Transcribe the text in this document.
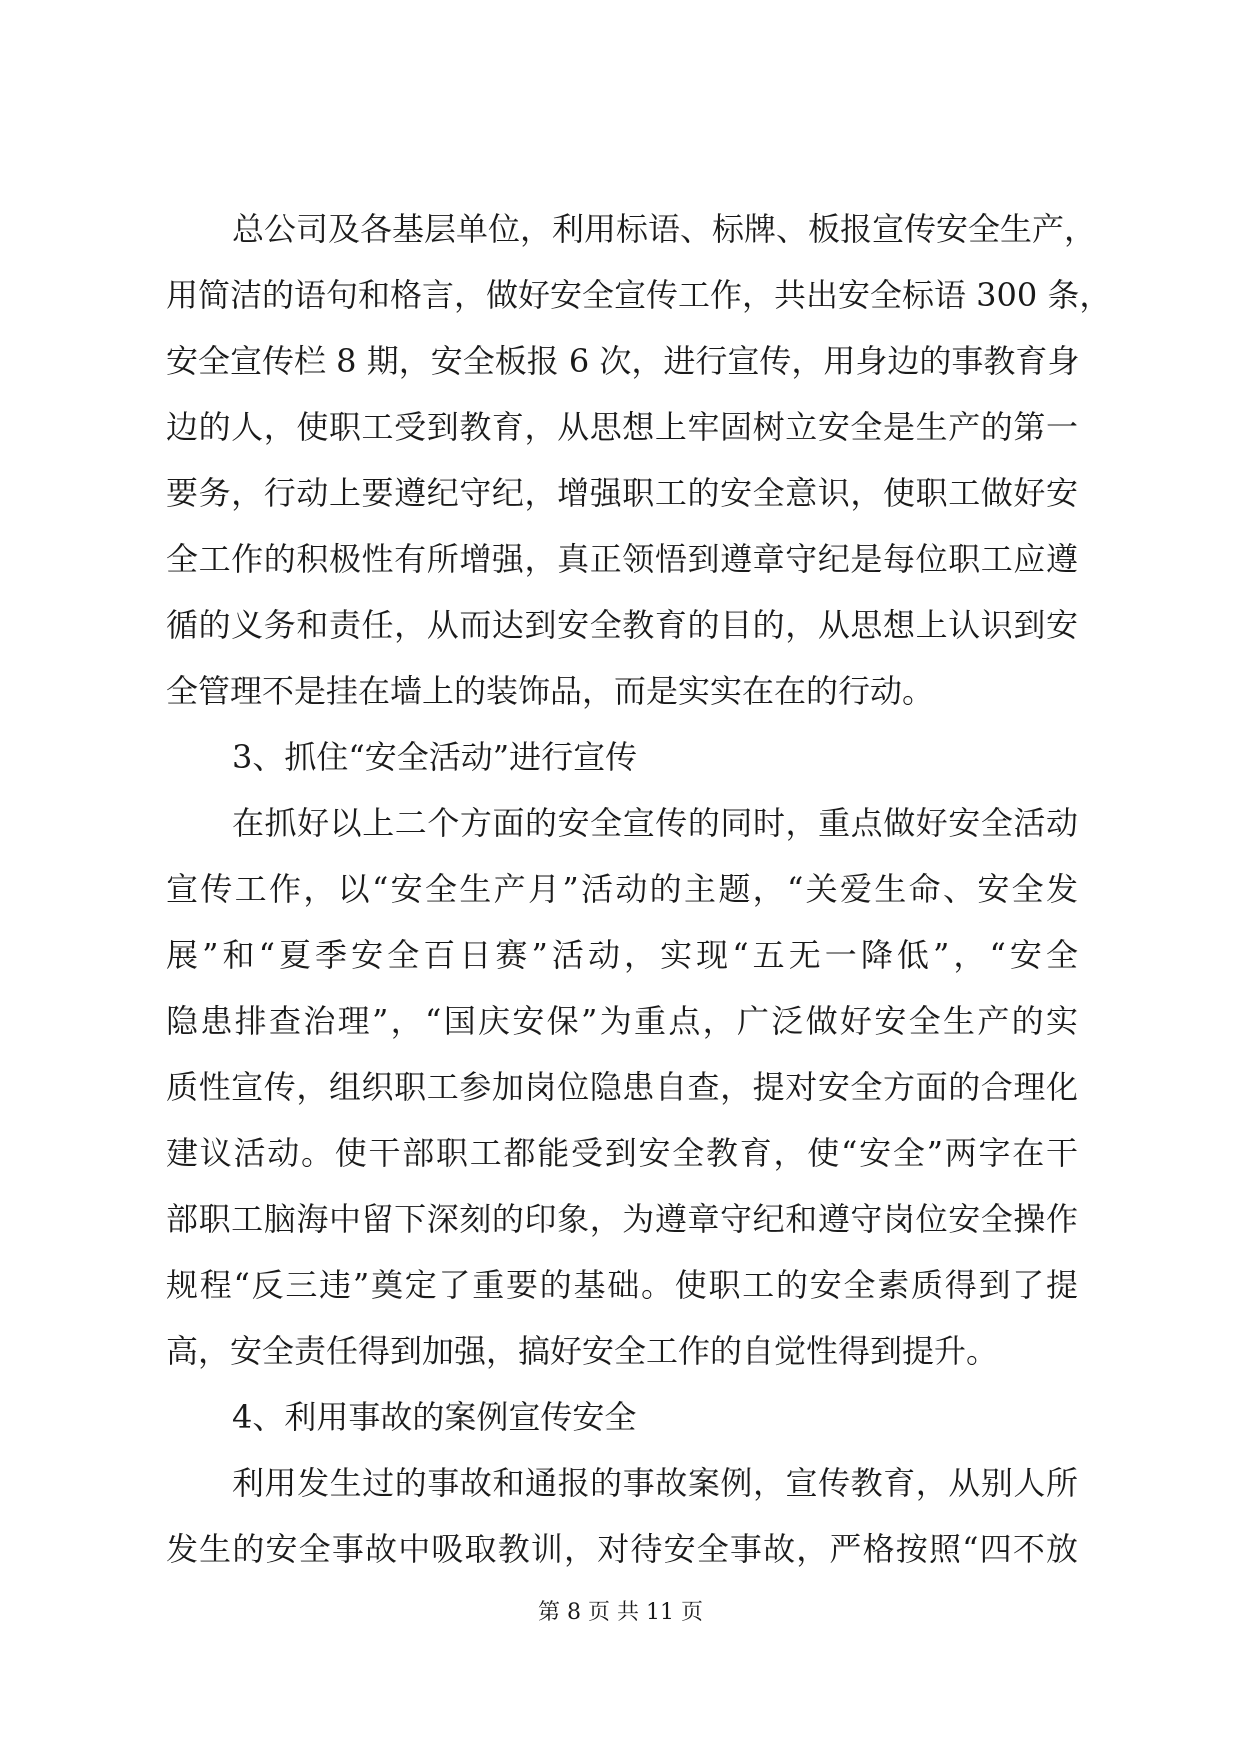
总公司及各基层单位，利用标语、标牌、板报宣传安全生产，
用简洁的语句和格言，做好安全宣传工作，共出安全标语 300 条，
安全宣传栏 8 期，安全板报 6 次，进行宣传，用身边的事教育身
边的人，使职工受到教育，从思想上牢固树立安全是生产的第一
要务，行动上要遵纪守纪，增强职工的安全意识，使职工做好安
全工作的积极性有所增强，真正领悟到遵章守纪是每位职工应遵
循的义务和责任，从而达到安全教育的目的，从思想上认识到安
全管理不是挂在墙上的装饰品，而是实实在在的行动。
3、抓住“安全活动”进行宣传
在抓好以上二个方面的安全宣传的同时，重点做好安全活动
宣传工作，以“安全生产月”活动的主题，“关爱生命、安全发
展”和“夏季安全百日赛”活动，实现“五无一降低”，“安全
隐患排查治理”，“国庆安保”为重点，广泛做好安全生产的实
质性宣传，组织职工参加岗位隐患自查，提对安全方面的合理化
建议活动。使干部职工都能受到安全教育，使“安全”两字在干
部职工脑海中留下深刻的印象，为遵章守纪和遵守岗位安全操作
规程“反三违”奠定了重要的基础。使职工的安全素质得到了提
高，安全责任得到加强，搞好安全工作的自觉性得到提升。
4、利用事故的案例宣传安全
利用发生过的事故和通报的事故案例，宣传教育，从别人所
发生的安全事故中吸取教训，对待安全事故，严格按照“四不放
第 8 页 共 11 页
